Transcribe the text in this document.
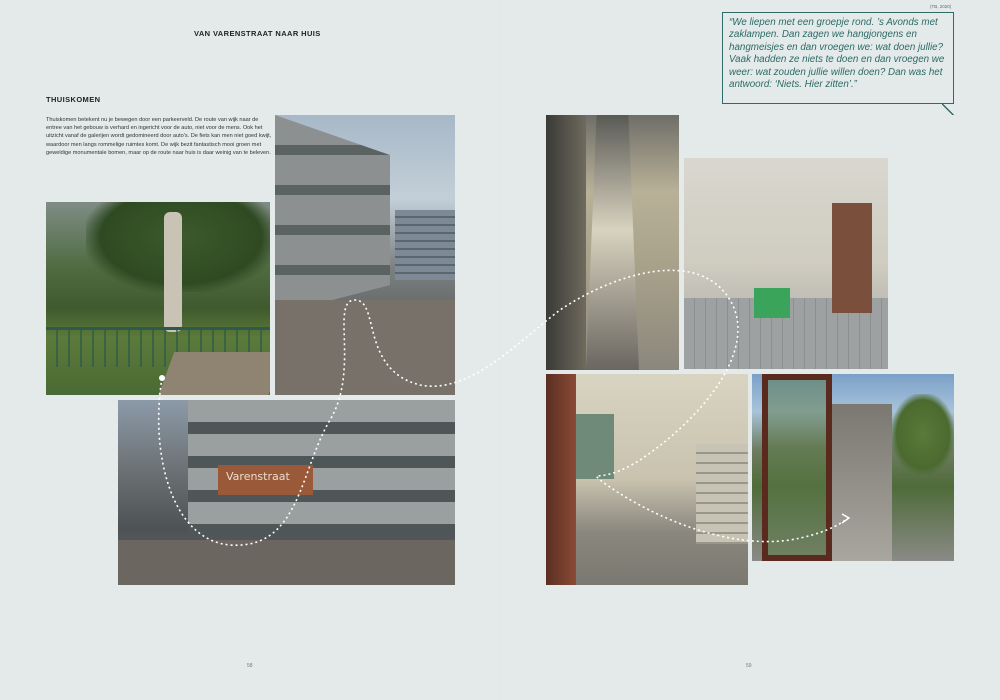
VAN VARENSTRAAT NAAR HUIS
THUISKOMEN
Thuiskomen betekent nu je bewegen door een parkeerveld. De route van wijk naar de entree van het gebouw is verhard en ingericht voor de auto, niet voor de mens. Ook het uitzicht vanaf de galerijen wordt gedomineerd door auto's. De fiets kan men niet goed kwijt, waardoor men langs rommelige ruimtes komt. De wijk bezit fantastisch mooi groen met geweldige monumentale bomen, maar op de route naar huis is daar weinig van te beleven.
Varenstraat
(TB, 2020)
“We liepen met een groepje rond. ’s Avonds met zaklampen. Dan zagen we hangjongens en hangmeisjes en dan vroegen we: wat doen jullie? Vaak hadden ze niets te doen en dan vroegen we weer: wat zouden jullie willen doen? Dan was het antwoord: ‘Niets. Hier zitten’.”
58	59
